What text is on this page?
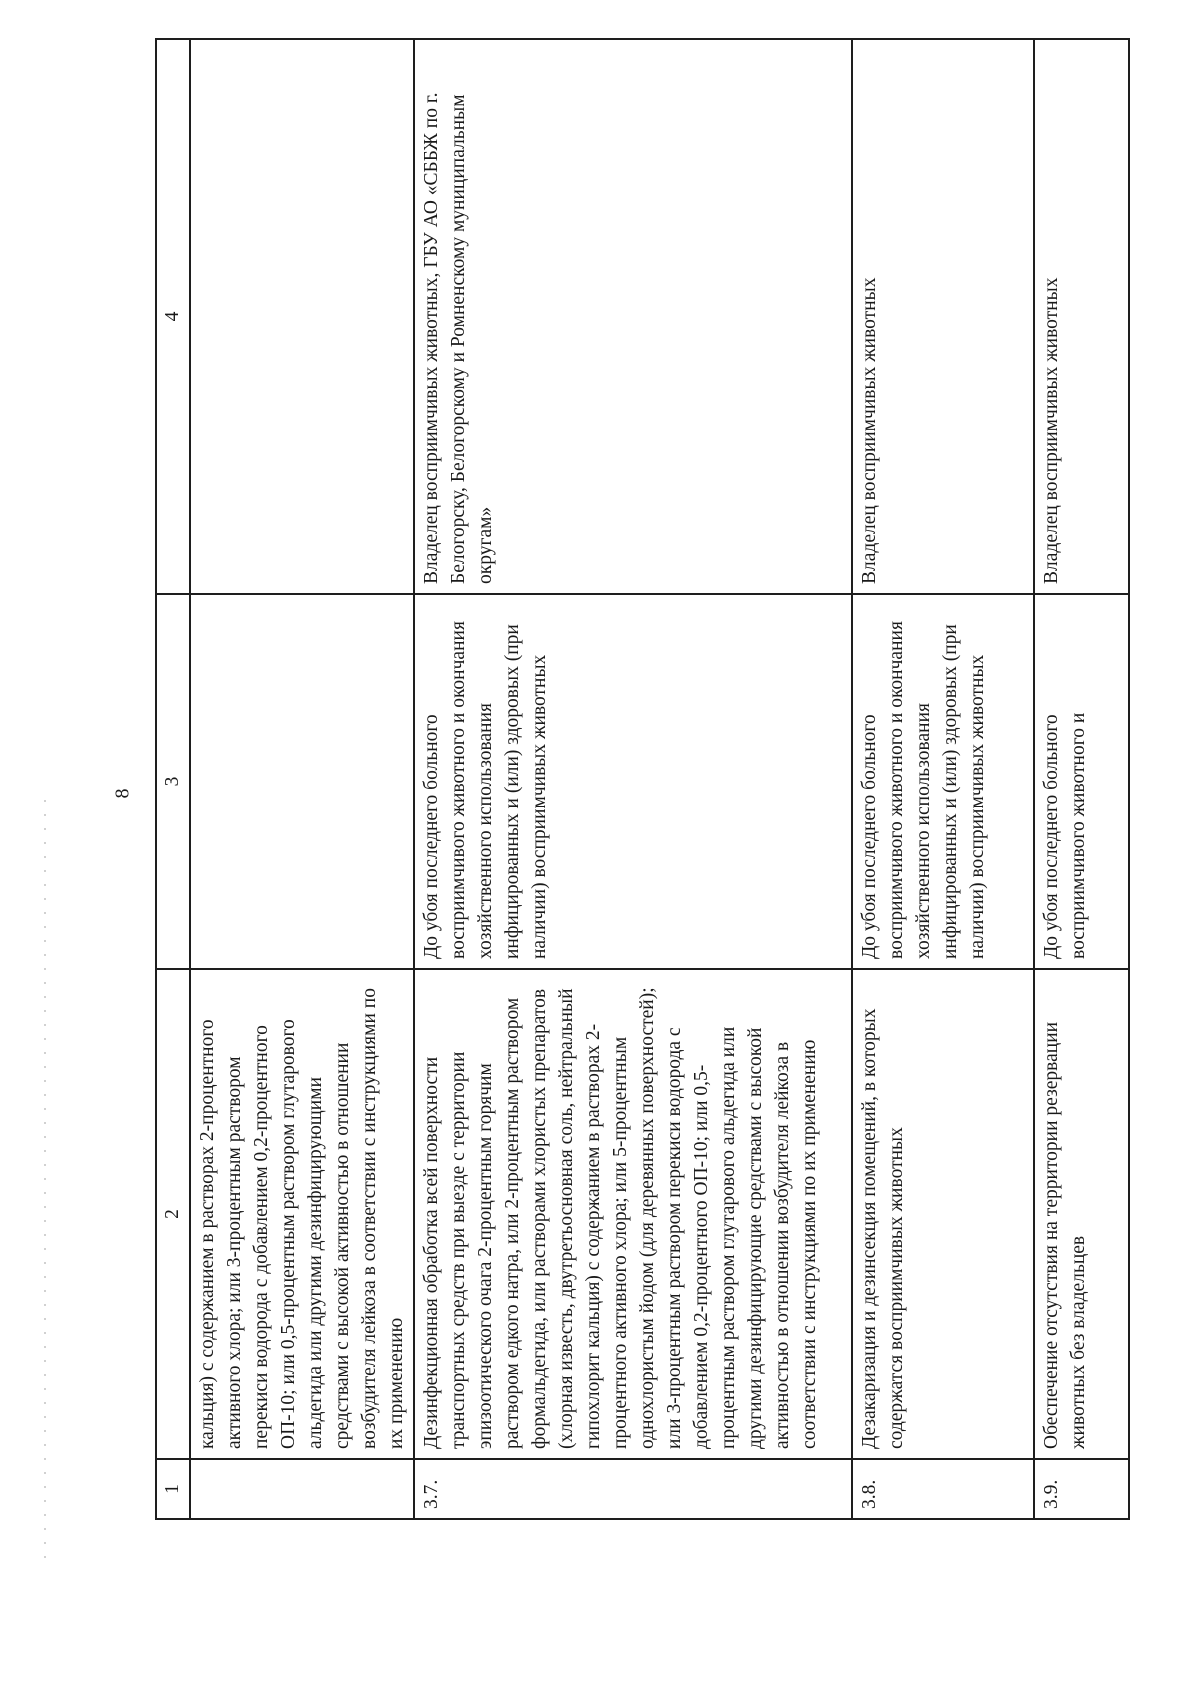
8
1	2	3	4
	кальция) с содержанием в растворах 2-процентного активного хлора; или 3-процентным раствором перекиси водорода с добавлением 0,2-процентного ОП-10; или 0,5-процентным раствором глутарового альдегида или другими дезинфицирующими средствами с высокой активностью в отношении возбудителя лейкоза в соответствии с инструкциями по их применению		
3.7.	Дезинфекционная обработка всей поверхности транспортных средств при выезде с территории эпизоотического очага 2-процентным горячим раствором едкого натра, или 2-процентным раствором формальдегида, или растворами хлористых препаратов (хлорная известь, двутретьосновная соль, нейтральный гипохлорит кальция) с содержанием в растворах 2-процентного активного хлора; или 5-процентным однохлористым йодом (для деревянных поверхностей); или 3-процентным раствором перекиси водорода с добавлением 0,2-процентного ОП-10; или 0,5-процентным раствором глутарового альдегида или другими дезинфицирующие средствами с высокой активностью в отношении возбудителя лейкоза в соответствии с инструкциями по их применению	До убоя последнего больного восприимчивого животного и окончания хозяйственного использования инфицированных и (или) здоровых (при наличии) восприимчивых животных	Владелец восприимчивых животных, ГБУ АО «СББЖ по г. Белогорску, Белогорскому и Ромненскому муниципальным округам»
3.8.	Дезакаризация и дезинсекция помещений, в которых содержатся восприимчивых животных	До убоя последнего больного восприимчивого животного и окончания хозяйственного использования инфицированных и (или) здоровых (при наличии) восприимчивых животных	Владелец восприимчивых животных
3.9.	Обеспечение отсутствия на территории резервации животных без владельцев	До убоя последнего больного восприимчивого животного и	Владелец восприимчивых животных
